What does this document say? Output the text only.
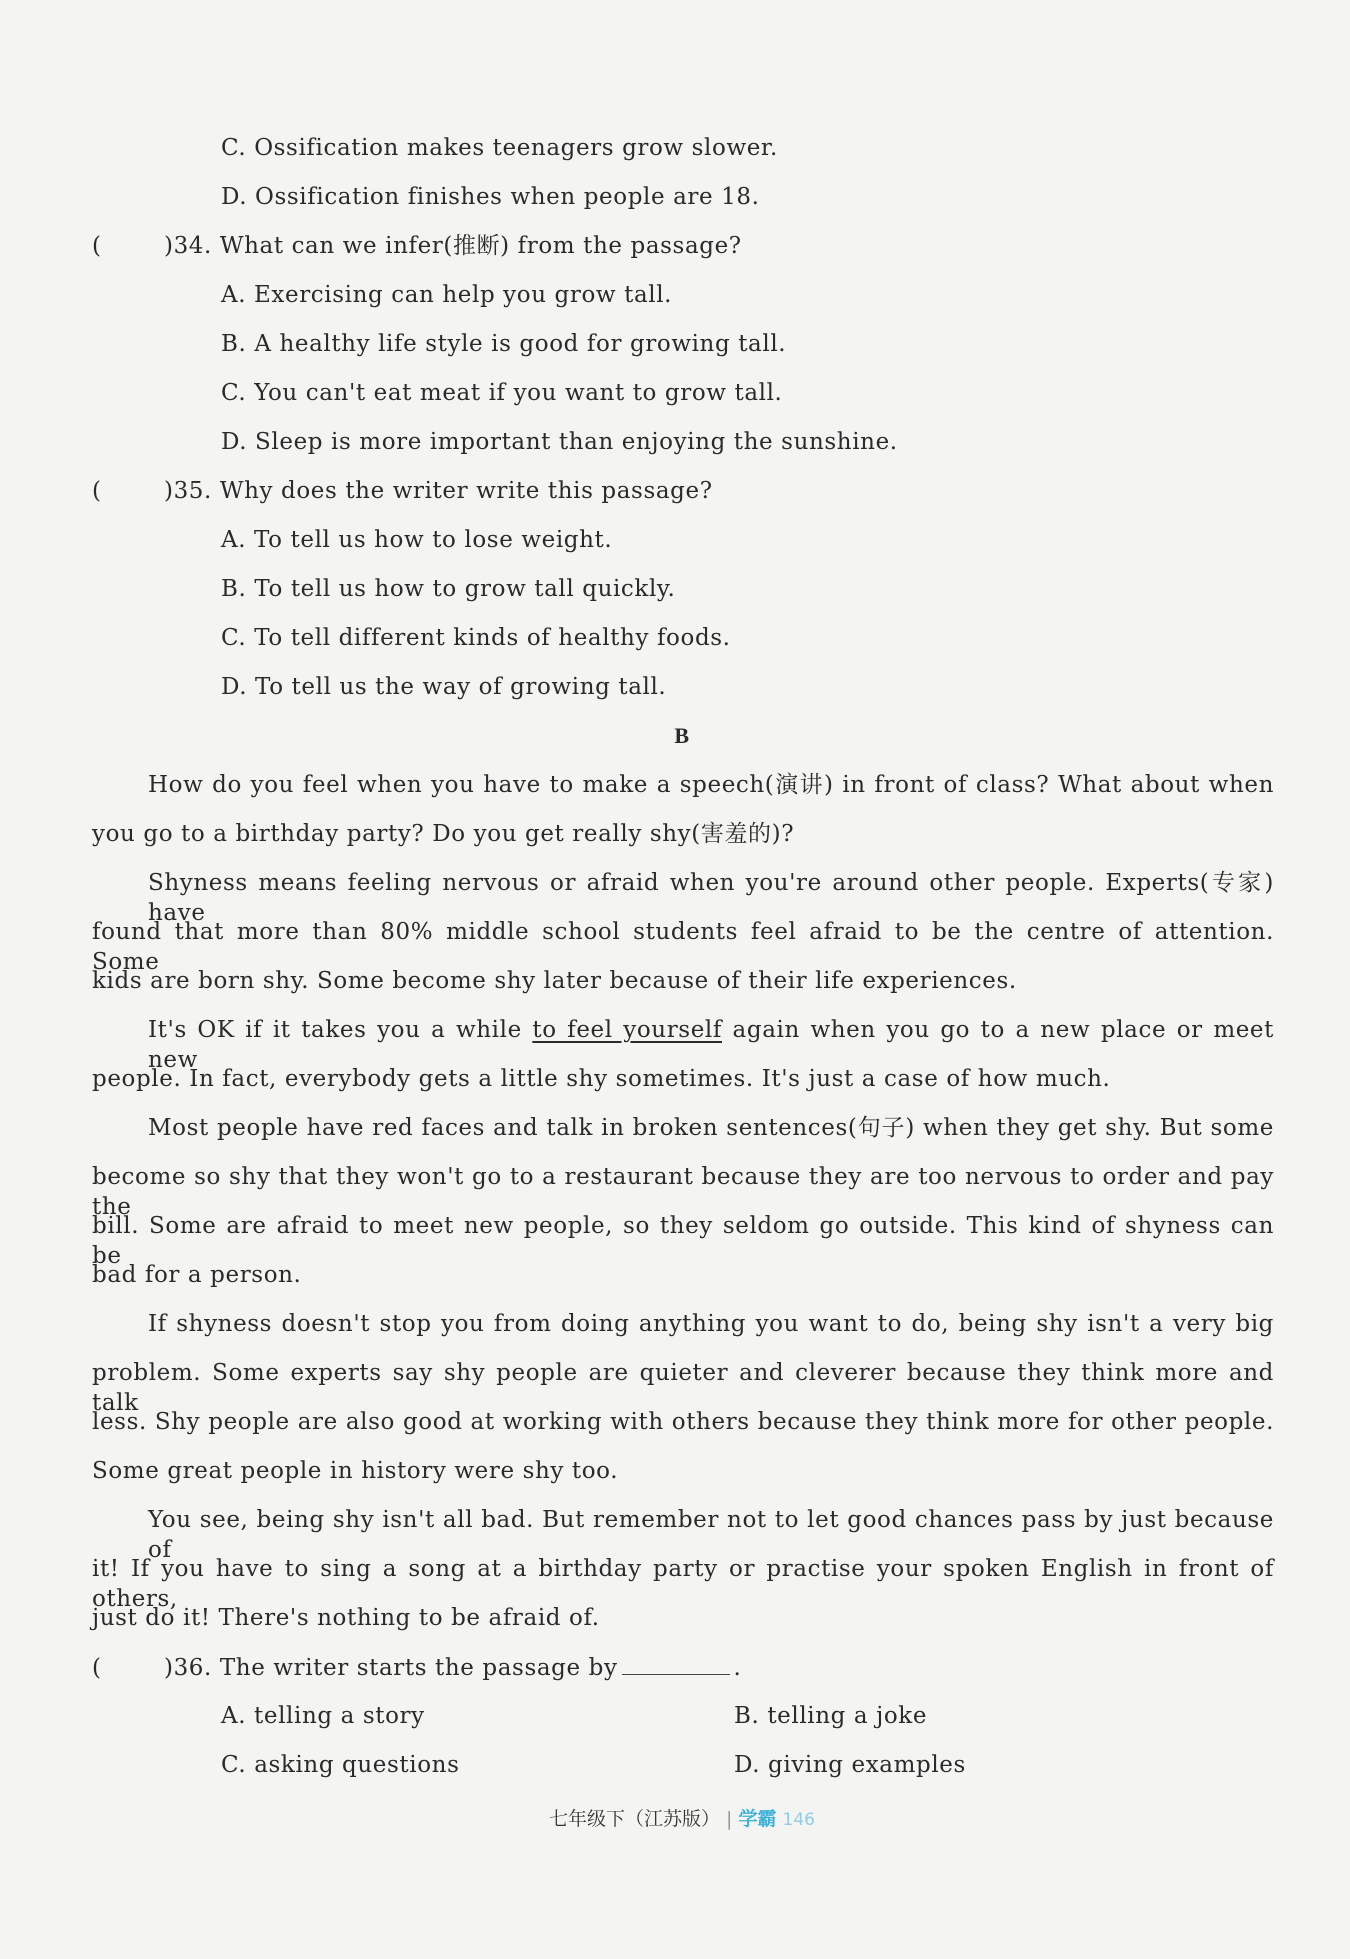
C. Ossification makes teenagers grow slower.
D. Ossification finishes when people are 18.
(	)34. What can we infer(推断) from the passage?
A. Exercising can help you grow tall.
B. A healthy life style is good for growing tall.
C. You can't eat meat if you want to grow tall.
D. Sleep is more important than enjoying the sunshine.
(	)35. Why does the writer write this passage?
A. To tell us how to lose weight.
B. To tell us how to grow tall quickly.
C. To tell different kinds of healthy foods.
D. To tell us the way of growing tall.
B
How do you feel when you have to make a speech(演讲) in front of class? What about when
you go to a birthday party? Do you get really shy(害羞的)?
Shyness means feeling nervous or afraid when you're around other people. Experts(专家) have
found that more than 80% middle school students feel afraid to be the centre of attention. Some
kids are born shy. Some become shy later because of their life experiences.
It's OK if it takes you a while to feel yourself again when you go to a new place or meet new
people. In fact, everybody gets a little shy sometimes. It's just a case of how much.
Most people have red faces and talk in broken sentences(句子) when they get shy. But some
become so shy that they won't go to a restaurant because they are too nervous to order and pay the
bill. Some are afraid to meet new people, so they seldom go outside. This kind of shyness can be
bad for a person.
If shyness doesn't stop you from doing anything you want to do, being shy isn't a very big
problem. Some experts say shy people are quieter and cleverer because they think more and talk
less. Shy people are also good at working with others because they think more for other people.
Some great people in history were shy too.
You see, being shy isn't all bad. But remember not to let good chances pass by just because of
it! If you have to sing a song at a birthday party or practise your spoken English in front of others,
just do it! There's nothing to be afraid of.
(	)36. The writer starts the passage by	.
A. telling a story	B. telling a joke
C. asking questions	D. giving examples
七年级下（江苏版） | 学霸 146
